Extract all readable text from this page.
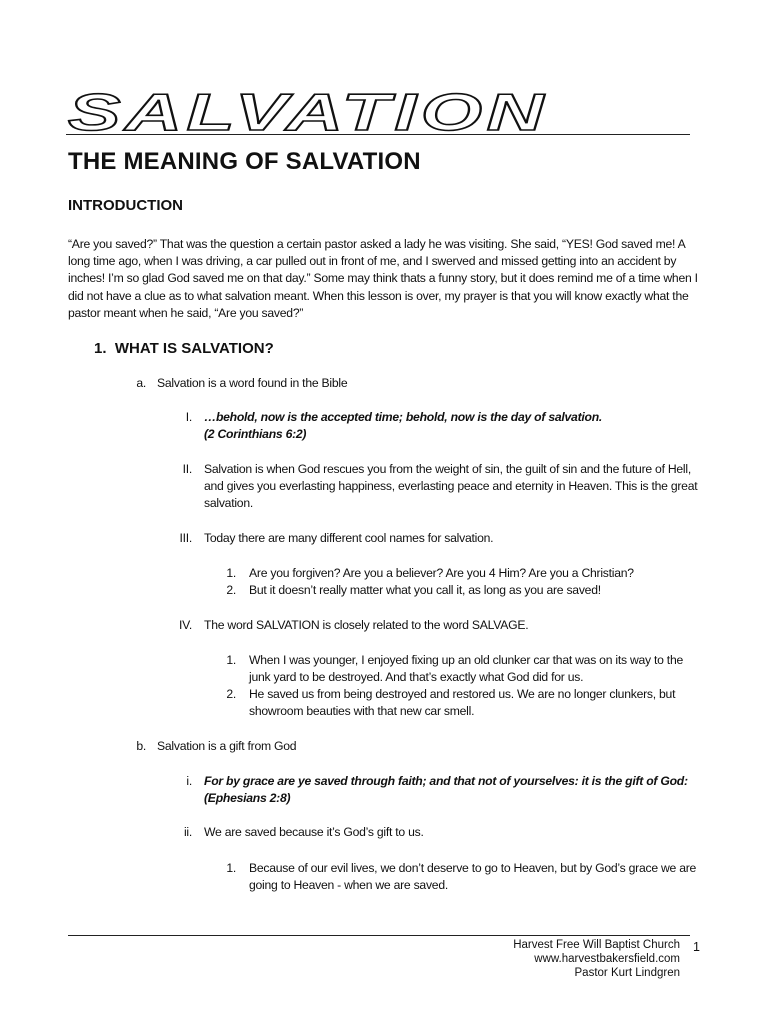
SALVATION
THE MEANING OF SALVATION
INTRODUCTION
“Are you saved?” That was the question a certain pastor asked a lady he was visiting. She said, “YES! God saved me! A long time ago, when I was driving, a car pulled out in front of me, and I swerved and missed getting into an accident by inches! I’m so glad God saved me on that day.” Some may think thats a funny story, but it does remind me of a time when I did not have a clue as to what salvation meant. When this lesson is over, my prayer is that you will know exactly what the pastor meant when he said, “Are you saved?”
1. WHAT IS SALVATION?
a. Salvation is a word found in the Bible
I. …behold, now is the accepted time; behold, now is the day of salvation.
(2 Corinthians 6:2)
II. Salvation is when God rescues you from the weight of sin, the guilt of sin and the future of Hell, and gives you everlasting happiness, everlasting peace and eternity in Heaven. This is the great salvation.
III. Today there are many different cool names for salvation.
1. Are you forgiven? Are you a believer? Are you 4 Him? Are you a Christian?
2. But it doesn’t really matter what you call it, as long as you are saved!
IV. The word SALVATION is closely related to the word SALVAGE.
1. When I was younger, I enjoyed fixing up an old clunker car that was on its way to the junk yard to be destroyed. And that’s exactly what God did for us.
2. He saved us from being destroyed and restored us. We are no longer clunkers, but showroom beauties with that new car smell.
b. Salvation is a gift from God
i. For by grace are ye saved through faith; and that not of yourselves: it is the gift of God: (Ephesians 2:8)
ii. We are saved because it’s God’s gift to us.
1. Because of our evil lives, we don’t deserve to go to Heaven, but by God’s grace we are going to Heaven - when we are saved.
Harvest Free Will Baptist Church
www.harvestbakersfield.com
Pastor Kurt Lindgren
1
